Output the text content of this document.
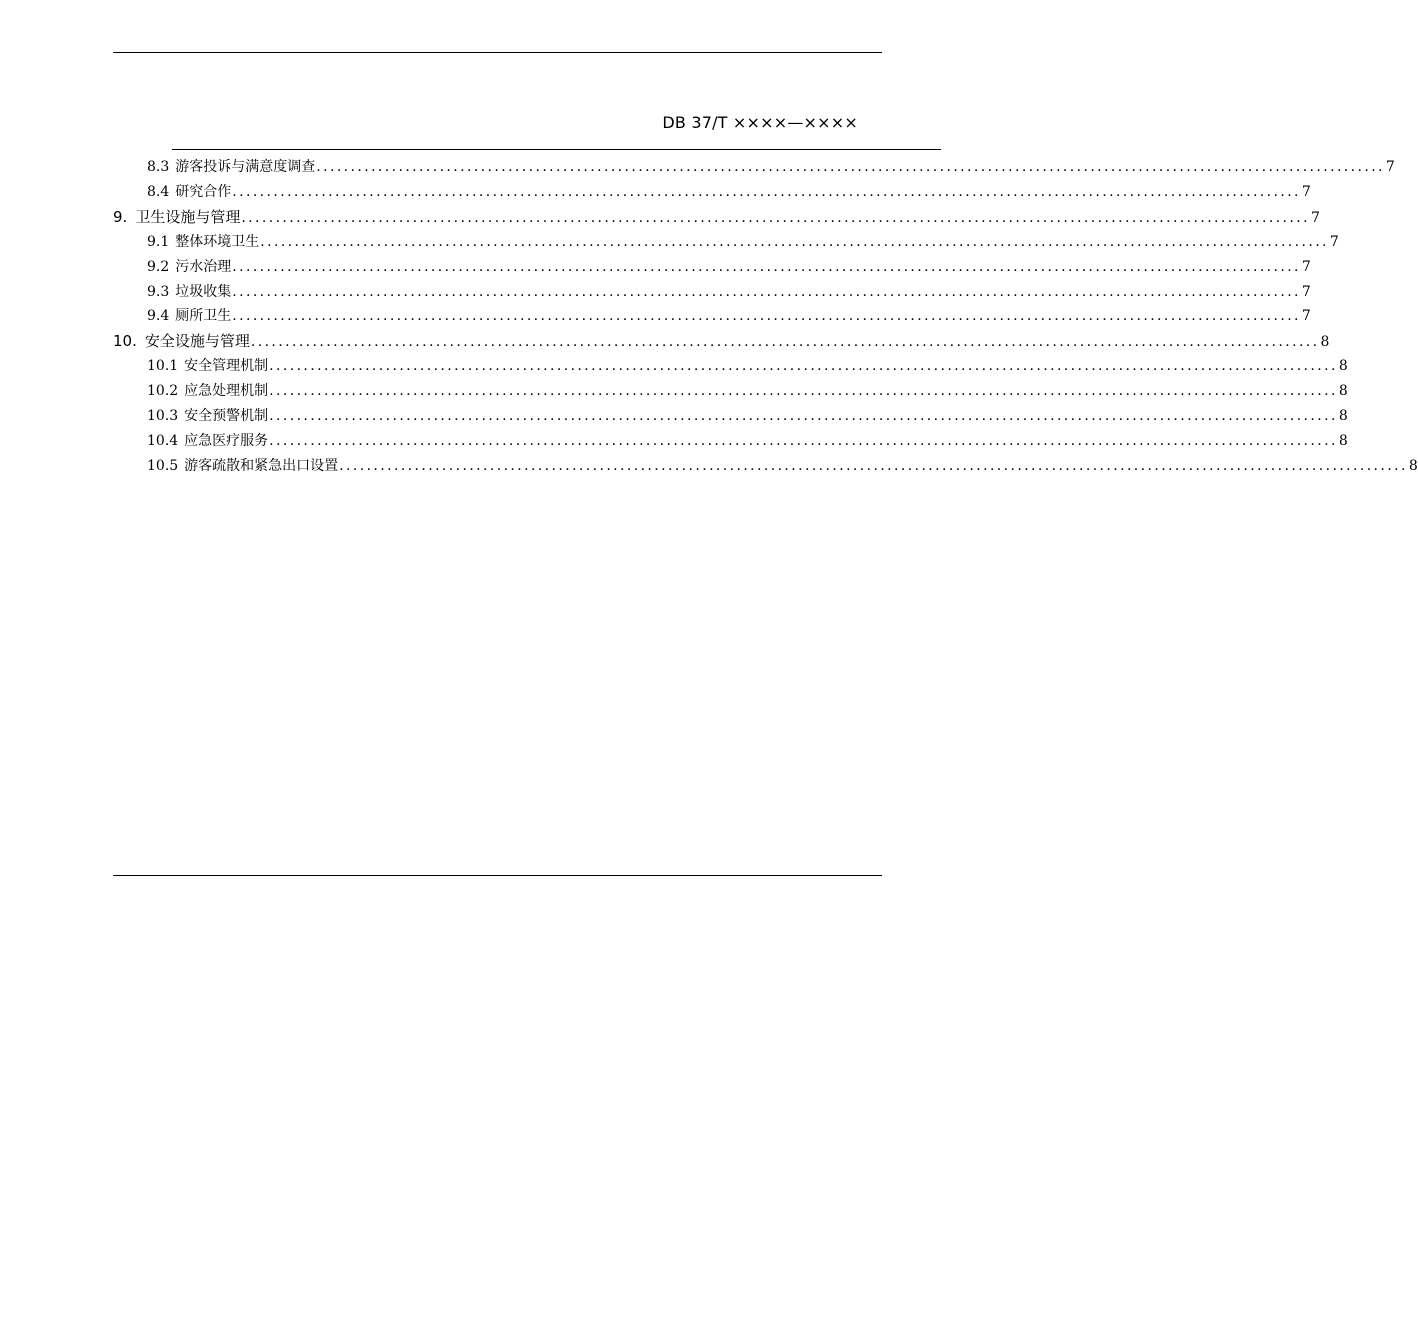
DB 37/T ××××—××××
8.3 游客投诉与满意度调查 ............................................................................................................................................................ 7
8.4 研究合作 ............................................................................................................................................................ 7
9. 卫生设施与管理 ............................................................................................................................................................ 7
9.1 整体环境卫生 ............................................................................................................................................................ 7
9.2 污水治理 ............................................................................................................................................................ 7
9.3 垃圾收集 ............................................................................................................................................................ 7
9.4 厕所卫生 ............................................................................................................................................................ 7
10. 安全设施与管理 ............................................................................................................................................................ 8
10.1 安全管理机制 ............................................................................................................................................................ 8
10.2 应急处理机制 ............................................................................................................................................................ 8
10.3 安全预警机制 ............................................................................................................................................................ 8
10.4 应急医疗服务 ............................................................................................................................................................ 8
10.5 游客疏散和紧急出口设置 ............................................................................................................................................................ 8
